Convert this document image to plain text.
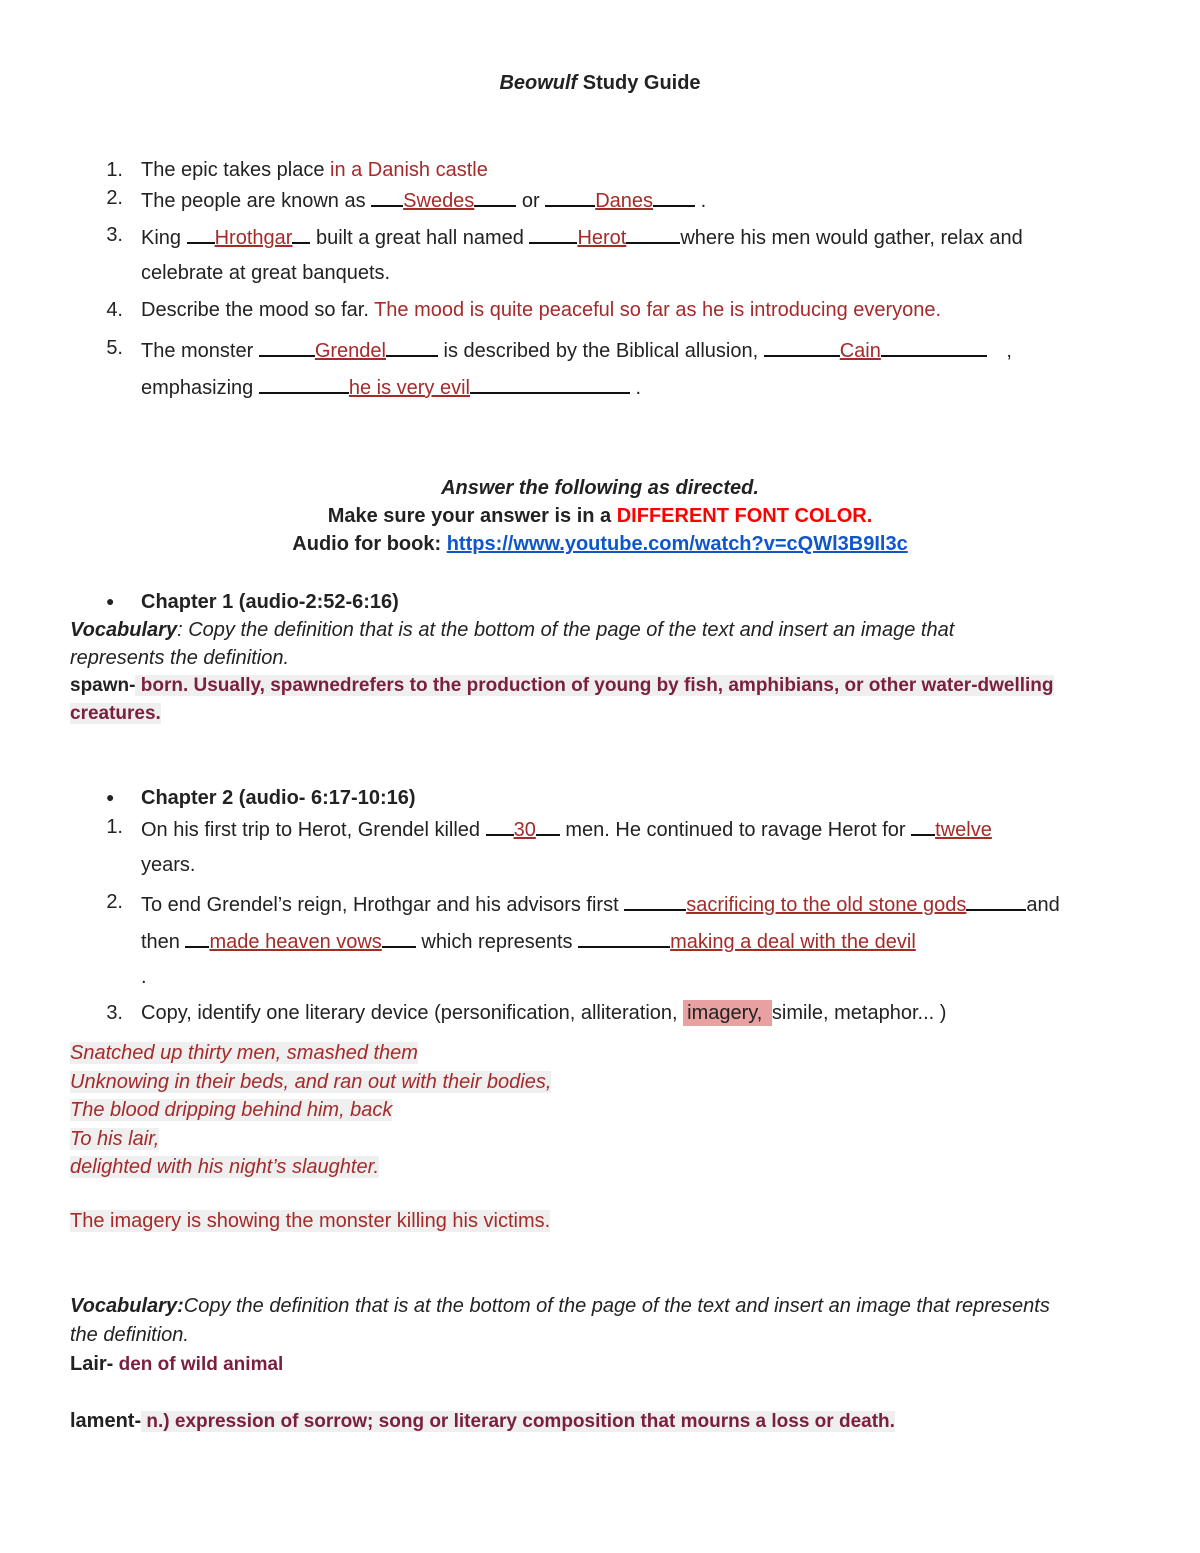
Beowulf Study Guide
1. The epic takes place in a Danish castle
2. The people are known as Swedes or	Danes .
3. King Hrothgar built a great hall named Herot	where his men would gather, relax and
celebrate at great banquets.
4. Describe the mood so far. The mood is quite peaceful so far as he is introducing everyone.
5. The monster	Grendel	is described by the Biblical allusion,	Cain	,
emphasizing	he is very evil	.
Answer the following as directed.
Make sure your answer is in a DIFFERENT FONT COLOR.
Audio for book: https://www.youtube.com/watch?v=cQWl3B9Il3c
● Chapter 1 (audio-2:52-6:16)
Vocabulary: Copy the definition that is at the bottom of the page of the text and insert an image that
represents the definition.
spawn- born. Usually, spawnedrefers to the production of young by fish, amphibians, or other water-dwelling
creatures.
● Chapter 2 (audio- 6:17-10:16)
1. On his first trip to Herot, Grendel killed 30 men. He continued to ravage Herot for twelve
years.
2. To end Grendel’s reign, Hrothgar and his advisors first	sacrificing to the old stone gods	and
then made heaven vows which represents	making a deal with the devil
.
3. Copy, identify one literary device (personification, alliteration, imagery, simile, metaphor... )
Snatched up thirty men, smashed them
Unknowing in their beds, and ran out with their bodies,
The blood dripping behind him, back
To his lair,
delighted with his night’s slaughter.
The imagery is showing the monster killing his victims.
Vocabulary:Copy the definition that is at the bottom of the page of the text and insert an image that represents
the definition.
Lair- den of wild animal
lament- n.) expression of sorrow; song or literary composition that mourns a loss or death.
